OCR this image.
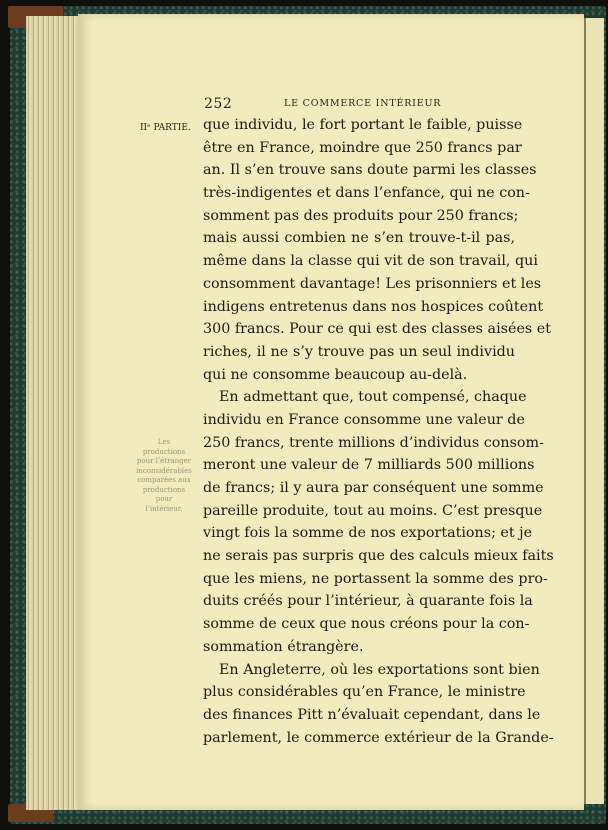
252	LE COMMERCE INTÉRIEUR
IIᵉ PARTIE.
Les
productions
pour l’étranger
inconsidérables
comparées aux
productions
pour
l’intérieur.
que individu, le fort portant le faible, puisse
être en France, moindre que 250 francs par
an. Il s’en trouve sans doute parmi les classes
très-indigentes et dans l’enfance, qui ne con-
somment pas des produits pour 250 francs;
mais aussi combien ne s’en trouve-t-il pas,
même dans la classe qui vit de son travail, qui
consomment davantage! Les prisonniers et les
indigens entretenus dans nos hospices coûtent
300 francs. Pour ce qui est des classes aisées et
riches, il ne s’y trouve pas un seul individu
qui ne consomme beaucoup au-delà.
En admettant que, tout compensé, chaque
individu en France consomme une valeur de
250 francs, trente millions d’individus consom-
meront une valeur de 7 milliards 500 millions
de francs; il y aura par conséquent une somme
pareille produite, tout au moins. C’est presque
vingt fois la somme de nos exportations; et je
ne serais pas surpris que des calculs mieux faits
que les miens, ne portassent la somme des pro-
duits créés pour l’intérieur, à quarante fois la
somme de ceux que nous créons pour la con-
sommation étrangère.
En Angleterre, où les exportations sont bien
plus considérables qu’en France, le ministre
des finances Pitt n’évaluait cependant, dans le
parlement, le commerce extérieur de la Grande-
